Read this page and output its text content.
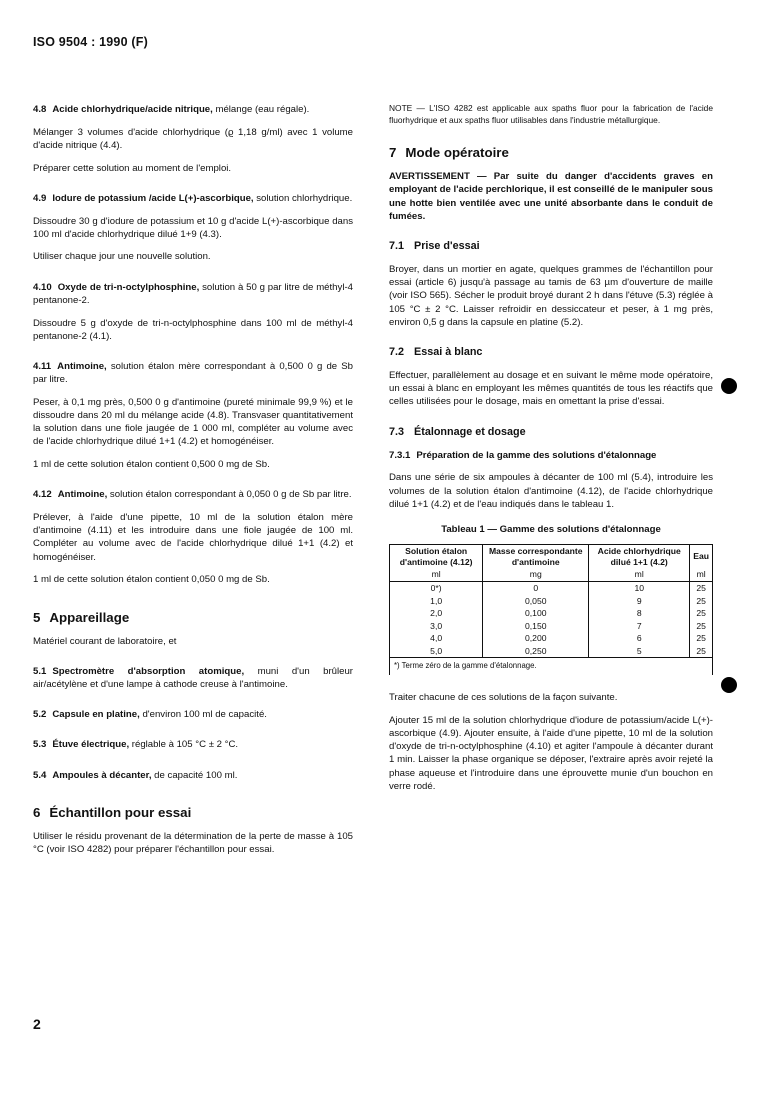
ISO 9504 : 1990 (F)

4.8 Acide chlorhydrique/acide nitrique, mélange (eau régale).

Mélanger 3 volumes d'acide chlorhydrique (ϱ 1,18 g/ml) avec 1 volume d'acide nitrique (4.4).

Préparer cette solution au moment de l'emploi.

4.9 Iodure de potassium /acide L(+)-ascorbique, solution chlorhydrique.

Dissoudre 30 g d'iodure de potassium et 10 g d'acide L(+)-ascorbique dans 100 ml d'acide chlorhydrique dilué 1+9 (4.3).

Utiliser chaque jour une nouvelle solution.

4.10 Oxyde de tri-n-octylphosphine, solution à 50 g par litre de méthyl-4 pentanone-2.

Dissoudre 5 g d'oxyde de tri-n-octylphosphine dans 100 ml de méthyl-4 pentanone-2 (4.1).

4.11 Antimoine, solution étalon mère correspondant à 0,500 0 g de Sb par litre.

Peser, à 0,1 mg près, 0,500 0 g d'antimoine (pureté minimale 99,9 %) et le dissoudre dans 20 ml du mélange acide (4.8). Transvaser quantitativement la solution dans une fiole jaugée de 1 000 ml, compléter au volume avec de l'acide chlorhydrique dilué 1+1 (4.2) et homogénéiser.

1 ml de cette solution étalon contient 0,500 0 mg de Sb.

4.12 Antimoine, solution étalon correspondant à 0,050 0 g de Sb par litre.

Prélever, à l'aide d'une pipette, 10 ml de la solution étalon mère d'antimoine (4.11) et les introduire dans une fiole jaugée de 100 ml. Compléter au volume avec de l'acide chlorhydrique dilué 1+1 (4.2) et homogénéiser.

1 ml de cette solution étalon contient 0,050 0 mg de Sb.

5 Appareillage

Matériel courant de laboratoire, et

5.1 Spectromètre d'absorption atomique, muni d'un brûleur air/acétylène et d'une lampe à cathode creuse à l'antimoine.

5.2 Capsule en platine, d'environ 100 ml de capacité.

5.3 Étuve électrique, réglable à 105 °C ± 2 °C.

5.4 Ampoules à décanter, de capacité 100 ml.

6 Échantillon pour essai

Utiliser le résidu provenant de la détermination de la perte de masse à 105 °C (voir ISO 4282) pour préparer l'échantillon pour essai.

NOTE — L'ISO 4282 est applicable aux spaths fluor pour la fabrication de l'acide fluorhydrique et aux spaths fluor utilisables dans l'industrie métallurgique.

7 Mode opératoire

AVERTISSEMENT — Par suite du danger d'accidents graves en employant de l'acide perchlorique, il est conseillé de le manipuler sous une hotte bien ventilée avec une unité absorbante dans le conduit de fumées.

7.1 Prise d'essai

Broyer, dans un mortier en agate, quelques grammes de l'échantillon pour essai (article 6) jusqu'à passage au tamis de 63 µm d'ouverture de maille (voir ISO 565). Sécher le produit broyé durant 2 h dans l'étuve (5.3) réglée à 105 °C ± 2 °C. Laisser refroidir en dessiccateur et peser, à 1 mg près, environ 0,5 g dans la capsule en platine (5.2).

7.2 Essai à blanc

Effectuer, parallèlement au dosage et en suivant le même mode opératoire, un essai à blanc en employant les mêmes quantités de tous les réactifs que celles utilisées pour le dosage, mais en omettant la prise d'essai.

7.3 Étalonnage et dosage

7.3.1 Préparation de la gamme des solutions d'étalonnage

Dans une série de six ampoules à décanter de 100 ml (5.4), introduire les volumes de la solution étalon d'antimoine (4.12), de l'acide chlorhydrique dilué 1+1 (4.2) et de l'eau indiqués dans le tableau 1.

Tableau 1 — Gamme des solutions d'étalonnage
Solution étalon d'antimoine (4.12)	Masse correspondante d'antimoine	Acide chlorhydrique dilué 1+1 (4.2)	Eau
ml	mg	ml	ml
0*)	0	10	25
1,0	0,050	9	25
2,0	0,100	8	25
3,0	0,150	7	25
4,0	0,200	6	25
5,0	0,250	5	25
*) Terme zéro de la gamme d'étalonnage.			

Traiter chacune de ces solutions de la façon suivante.

Ajouter 15 ml de la solution chlorhydrique d'iodure de potassium/acide L(+)-ascorbique (4.9). Ajouter ensuite, à l'aide d'une pipette, 10 ml de la solution d'oxyde de tri-n-octylphosphine (4.10) et agiter l'ampoule à décanter durant 1 min. Laisser la phase organique se déposer, l'extraire après avoir rejeté la phase aqueuse et l'introduire dans une éprouvette munie d'un bouchon en verre rodé.

2
